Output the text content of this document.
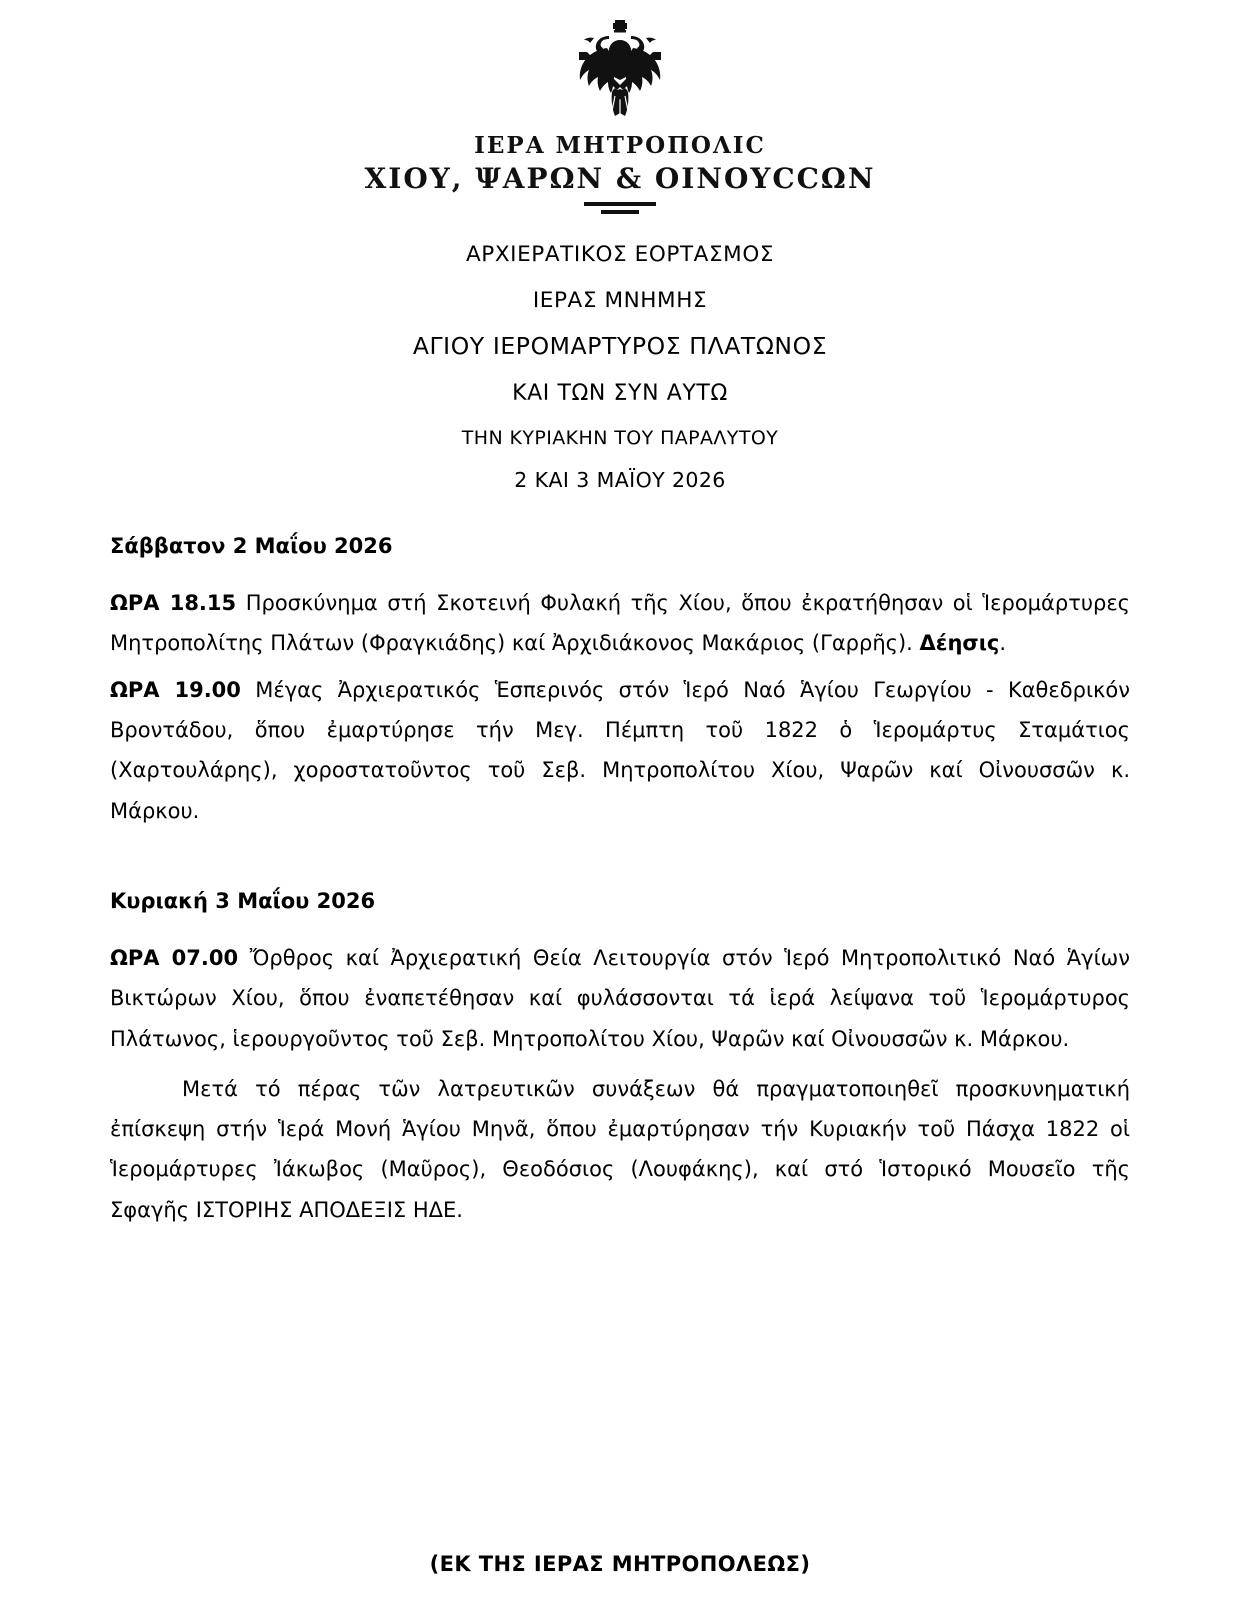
ΙΕΡΑ ΜΗΤΡΟΠΟΛΙC
ΧΙΟΥ, ΨΑΡΩΝ & ΟΙΝΟΥCCΩΝ
ΑΡΧΙΕΡΑΤΙΚΟΣ ΕΟΡΤΑΣΜΟΣ
ΙΕΡΑΣ ΜΝΗΜΗΣ
ΑΓΙΟΥ ΙΕΡΟΜΑΡΤΥΡΟΣ ΠΛΑΤΩΝΟΣ
ΚΑΙ ΤΩΝ ΣΥΝ ΑΥΤΩ
ΤΗΝ ΚΥΡΙΑΚΗΝ ΤΟΥ ΠΑΡΑΛΥΤΟΥ
2 ΚΑΙ 3 ΜΑΪΟΥ 2026
Σάββατον 2 Μαΐου 2026

ΩΡΑ 18.15 Προσκύνημα στή Σκοτεινή Φυλακή τῆς Χίου, ὅπου ἐκρατήθησαν οἱ Ἱερομάρτυρες Μητροπολίτης Πλάτων (Φραγκιάδης) καί Ἀρχιδιάκονος Μακάριος (Γαρρῆς). Δέησις.

ΩΡΑ 19.00 Μέγας Ἀρχιερατικός Ἑσπερινός στόν Ἱερό Ναό Ἁγίου Γεωργίου - Καθεδρικόν Βροντάδου, ὅπου ἐμαρτύρησε τήν Μεγ. Πέμπτη τοῦ 1822 ὁ Ἱερομάρτυς Σταμάτιος (Χαρτουλάρης), χοροστατοῦντος τοῦ Σεβ. Μητροπολίτου Χίου, Ψαρῶν καί Οἰνουσσῶν κ. Μάρκου.

Κυριακή 3 Μαΐου 2026

ΩΡΑ 07.00 Ὄρθρος καί Ἀρχιερατική Θεία Λειτουργία στόν Ἱερό Μητροπολιτικό Ναό Ἁγίων Βικτώρων Χίου, ὅπου ἐναπετέθησαν καί φυλάσσονται τά ἱερά λείψανα τοῦ Ἱερομάρτυρος Πλάτωνος, ἱερουργοῦντος τοῦ Σεβ. Μητροπολίτου Χίου, Ψαρῶν καί Οἰνουσσῶν κ. Μάρκου.

Μετά τό πέρας τῶν λατρευτικῶν συνάξεων θά πραγματοποιηθεῖ προσκυνηματική ἐπίσκεψη στήν Ἱερά Μονή Ἁγίου Μηνᾶ, ὅπου ἐμαρτύρησαν τήν Κυριακήν τοῦ Πάσχα 1822 οἱ Ἱερομάρτυρες Ἰάκωβος (Μαῦρος), Θεοδόσιος (Λουφάκης), καί στό Ἱστορικό Μουσεῖο τῆς Σφαγῆς ΙΣΤΟΡΙΗΣ ΑΠΟΔΕΞΙΣ ΗΔΕ.

(ΕΚ ΤΗΣ ΙΕΡΑΣ ΜΗΤΡΟΠΟΛΕΩΣ)
